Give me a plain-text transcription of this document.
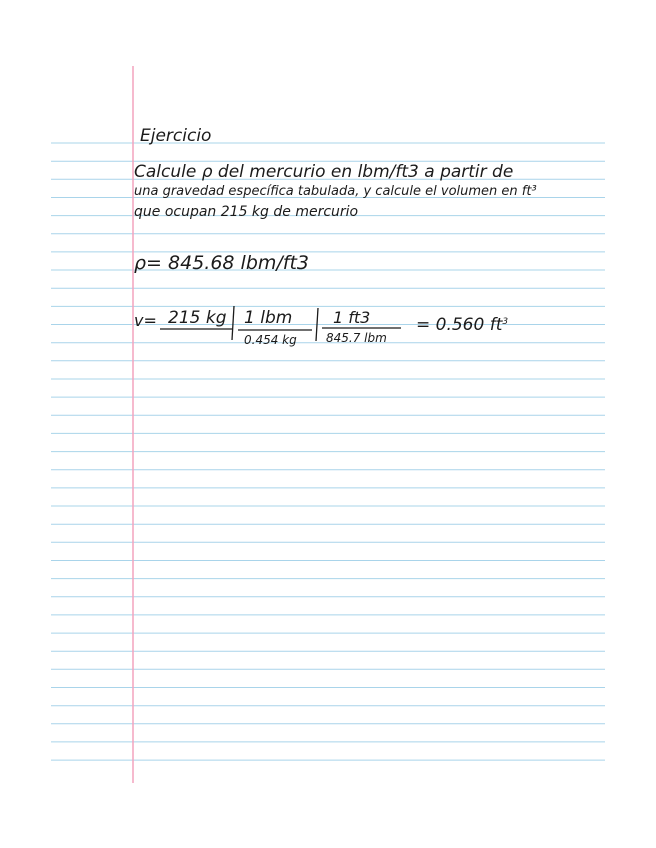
Ejercicio
Calcule ρ del mercurio en lbm/ft3 a partir de
una gravedad específica tabulada, y calcule el volumen en ft³
que ocupan 215 kg de mercurio
ρ= 845.68 lbm/ft3
v= 215 kg 1 lbm
0.454 kg
1 ft3
845.7 lbm
= 0.560 $ft^3$
